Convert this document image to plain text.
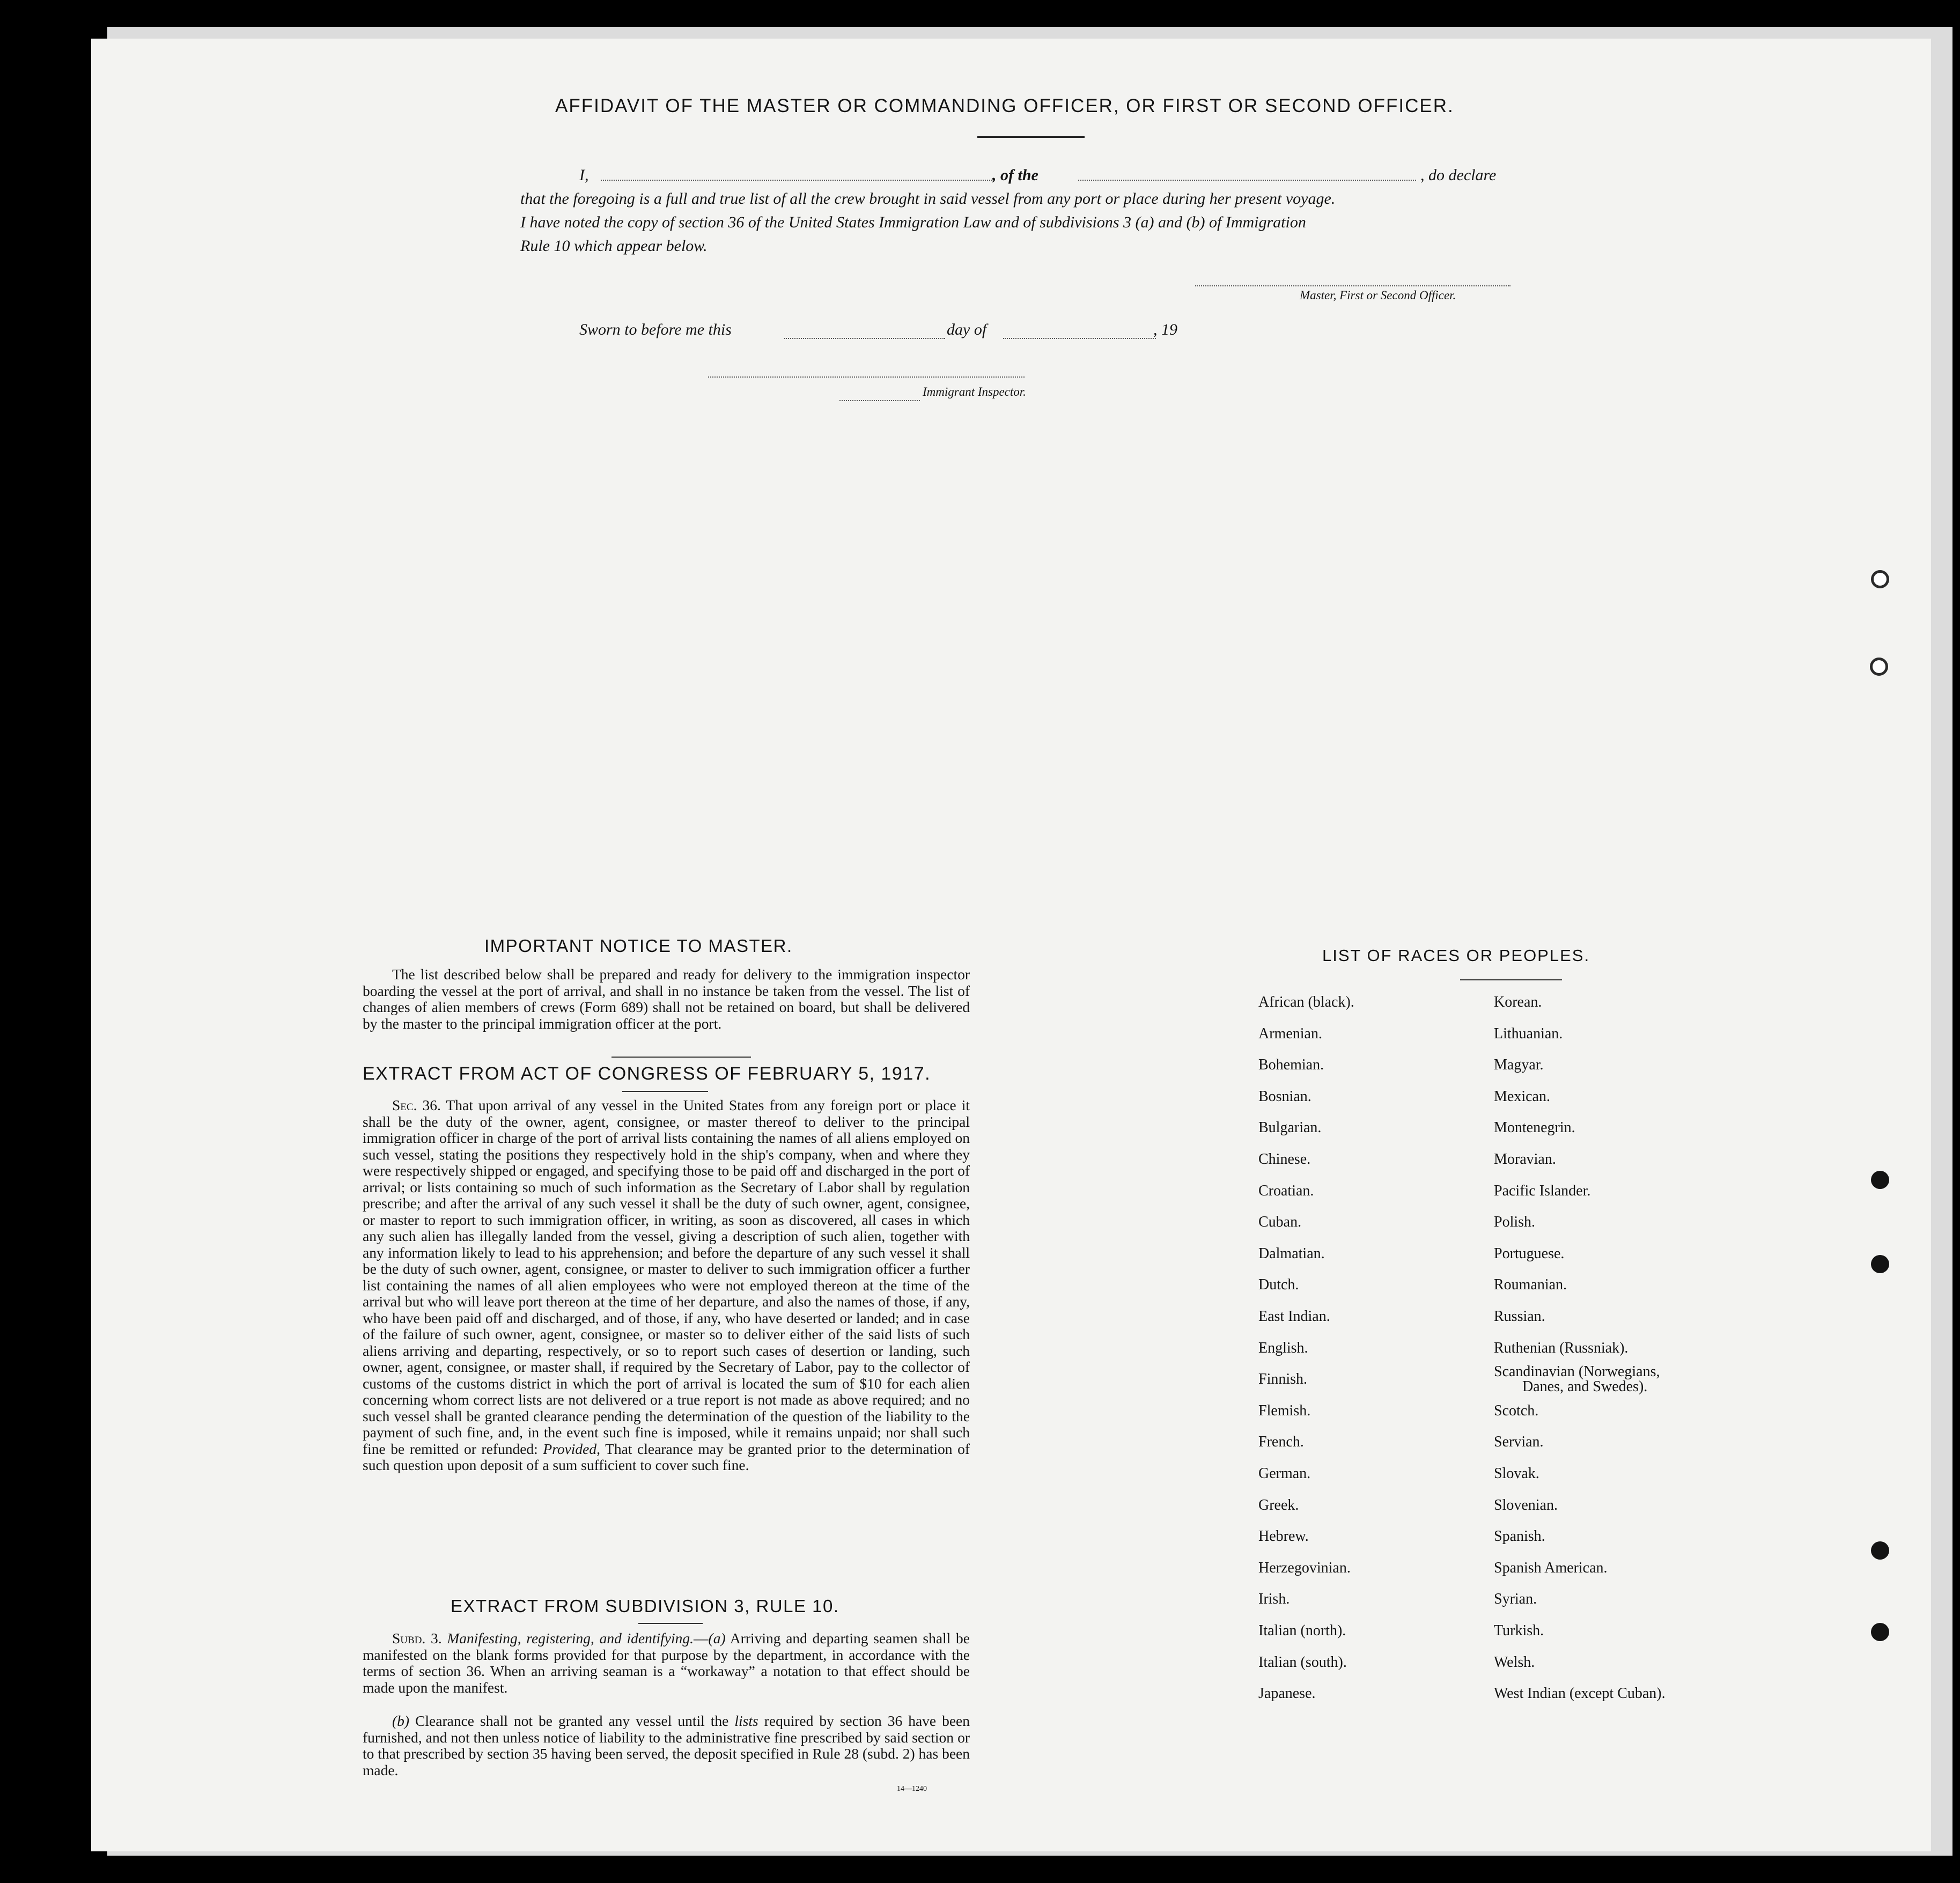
AFFIDAVIT OF THE MASTER OR COMMANDING OFFICER, OR FIRST OR SECOND OFFICER.
I,	, of the	, do declare
that the foregoing is a full and true list of all the crew brought in said vessel from any port or place during her present voyage.
I have noted the copy of section 36 of the United States Immigration Law and of subdivisions 3 (a) and (b) of Immigration
Rule 10 which appear below.
Master, First or Second Officer.
Sworn to before me this	day of	, 19
Immigrant Inspector.
IMPORTANT NOTICE TO MASTER.
The list described below shall be prepared and ready for delivery to the immigration inspector boarding the vessel at the port of arrival, and shall in no instance be taken from the vessel. The list of changes of alien members of crews (Form 689) shall not be retained on board, but shall be delivered by the master to the principal immigration officer at the port.
EXTRACT FROM ACT OF CONGRESS OF FEBRUARY 5, 1917.
Sec. 36. That upon arrival of any vessel in the United States from any foreign port or place it shall be the duty of the owner, agent, consignee, or master thereof to deliver to the principal immigration officer in charge of the port of arrival lists containing the names of all aliens employed on such vessel, stating the positions they respectively hold in the ship's company, when and where they were respectively shipped or engaged, and specifying those to be paid off and discharged in the port of arrival; or lists containing so much of such information as the Secretary of Labor shall by regulation prescribe; and after the arrival of any such vessel it shall be the duty of such owner, agent, consignee, or master to report to such immigration officer, in writing, as soon as discovered, all cases in which any such alien has illegally landed from the vessel, giving a description of such alien, together with any information likely to lead to his apprehension; and before the departure of any such vessel it shall be the duty of such owner, agent, consignee, or master to deliver to such immigration officer a further list containing the names of all alien employees who were not employed thereon at the time of the arrival but who will leave port thereon at the time of her departure, and also the names of those, if any, who have been paid off and discharged, and of those, if any, who have deserted or landed; and in case of the failure of such owner, agent, consignee, or master so to deliver either of the said lists of such aliens arriving and departing, respectively, or so to report such cases of desertion or landing, such owner, agent, consignee, or master shall, if required by the Secretary of Labor, pay to the collector of customs of the customs district in which the port of arrival is located the sum of $10 for each alien concerning whom correct lists are not delivered or a true report is not made as above required; and no such vessel shall be granted clearance pending the determination of the question of the liability to the payment of such fine, and, in the event such fine is imposed, while it remains unpaid; nor shall such fine be remitted or refunded: Provided, That clearance may be granted prior to the determination of such question upon deposit of a sum sufficient to cover such fine.
EXTRACT FROM SUBDIVISION 3, RULE 10.
Subd. 3. Manifesting, registering, and identifying.—(a) Arriving and departing seamen shall be manifested on the blank forms provided for that purpose by the department, in accordance with the terms of section 36. When an arriving seaman is a “workaway” a notation to that effect should be made upon the manifest.
(b) Clearance shall not be granted any vessel until the lists required by section 36 have been furnished, and not then unless notice of liability to the administrative fine prescribed by said section or to that prescribed by section 35 having been served, the deposit specified in Rule 28 (subd. 2) has been made.
14—1240
LIST OF RACES OR PEOPLES.
African (black).
Armenian.
Bohemian.
Bosnian.
Bulgarian.
Chinese.
Croatian.
Cuban.
Dalmatian.
Dutch.
East Indian.
English.
Finnish.
Flemish.
French.
German.
Greek.
Hebrew.
Herzegovinian.
Irish.
Italian (north).
Italian (south).
Japanese.
Korean.
Lithuanian.
Magyar.
Mexican.
Montenegrin.
Moravian.
Pacific Islander.
Polish.
Portuguese.
Roumanian.
Russian.
Ruthenian (Russniak).
Scandinavian (Norwegians,
Scotch.
Servian.
Slovak.
Slovenian.
Spanish.
Spanish American.
Syrian.
Turkish.
Welsh.
West Indian (except Cuban).
Danes, and Swedes).
